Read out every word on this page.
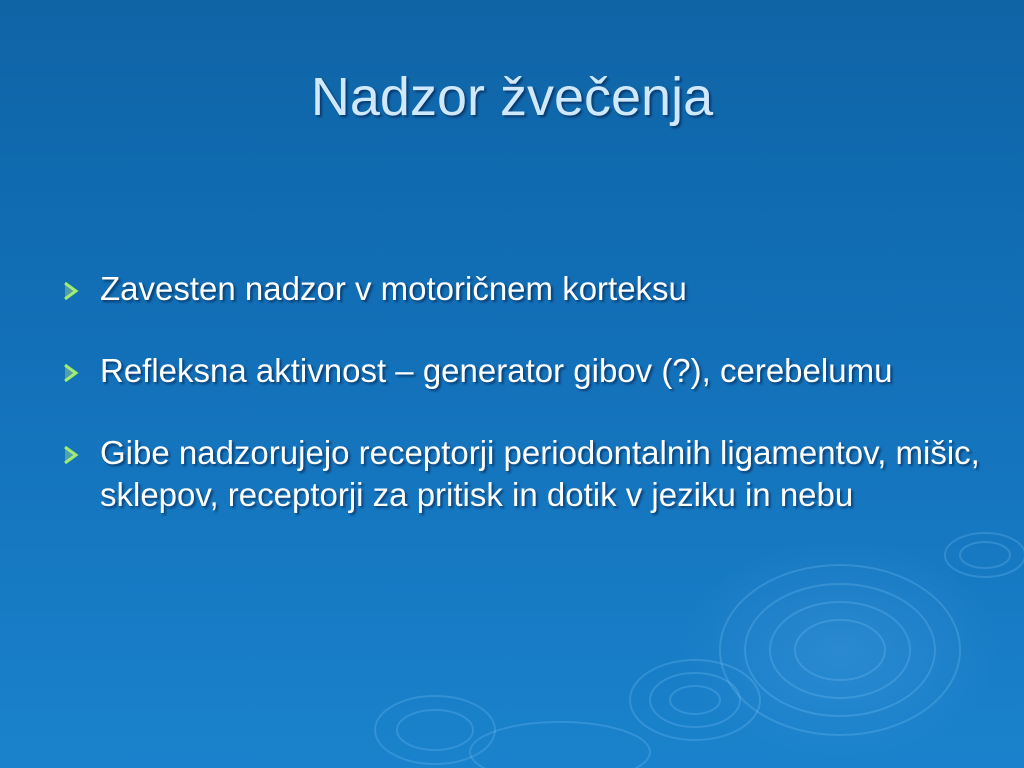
Nadzor žvečenja
Zavesten nadzor v motoričnem korteksu
Refleksna aktivnost – generator gibov (?), cerebelumu
Gibe nadzorujejo receptorji periodontalnih ligamentov, mišic, sklepov, receptorji za pritisk in dotik v jeziku in nebu
